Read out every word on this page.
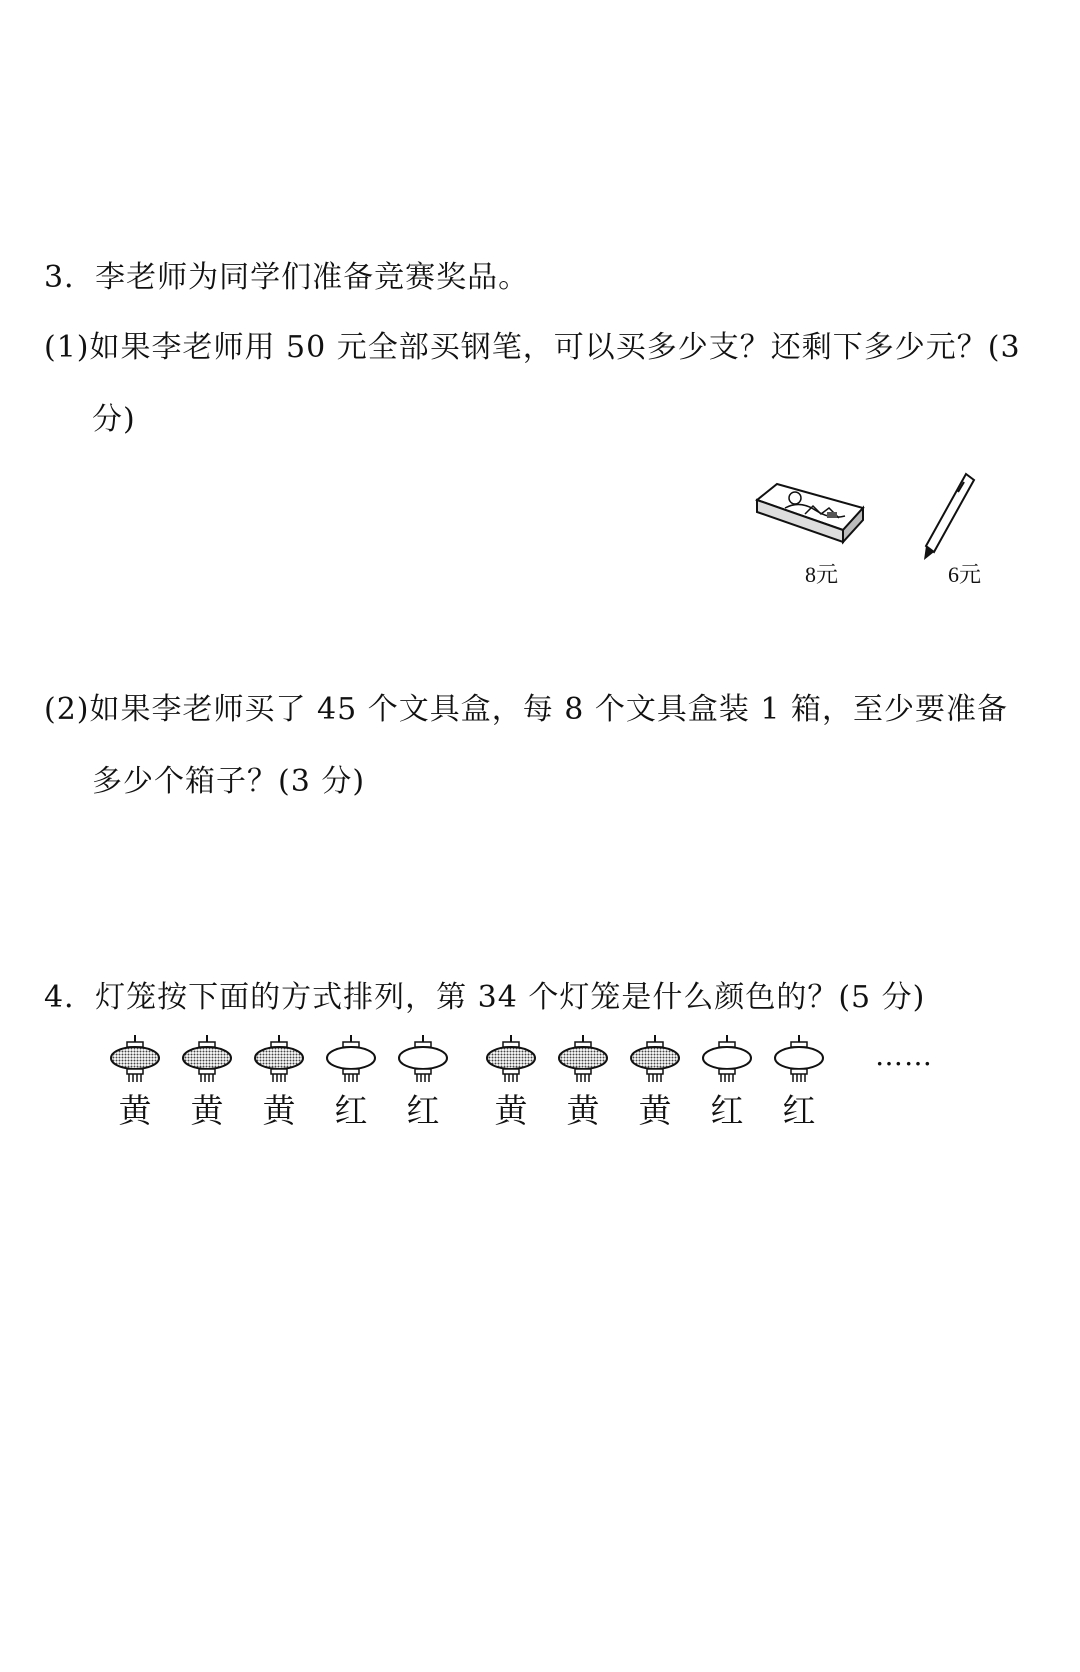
3．李老师为同学们准备竞赛奖品。
(1)如果李老师用 50 元全部买钢笔，可以买多少支？还剩下多少元？(3
分)
8元	6元
(2)如果李老师买了 45 个文具盒，每 8 个文具盒装 1 箱，至少要准备
多少个箱子？(3 分)
4．灯笼按下面的方式排列，第 34 个灯笼是什么颜色的？(5 分)
……
黄	黄	黄	红	红	黄	黄	黄	红	红
